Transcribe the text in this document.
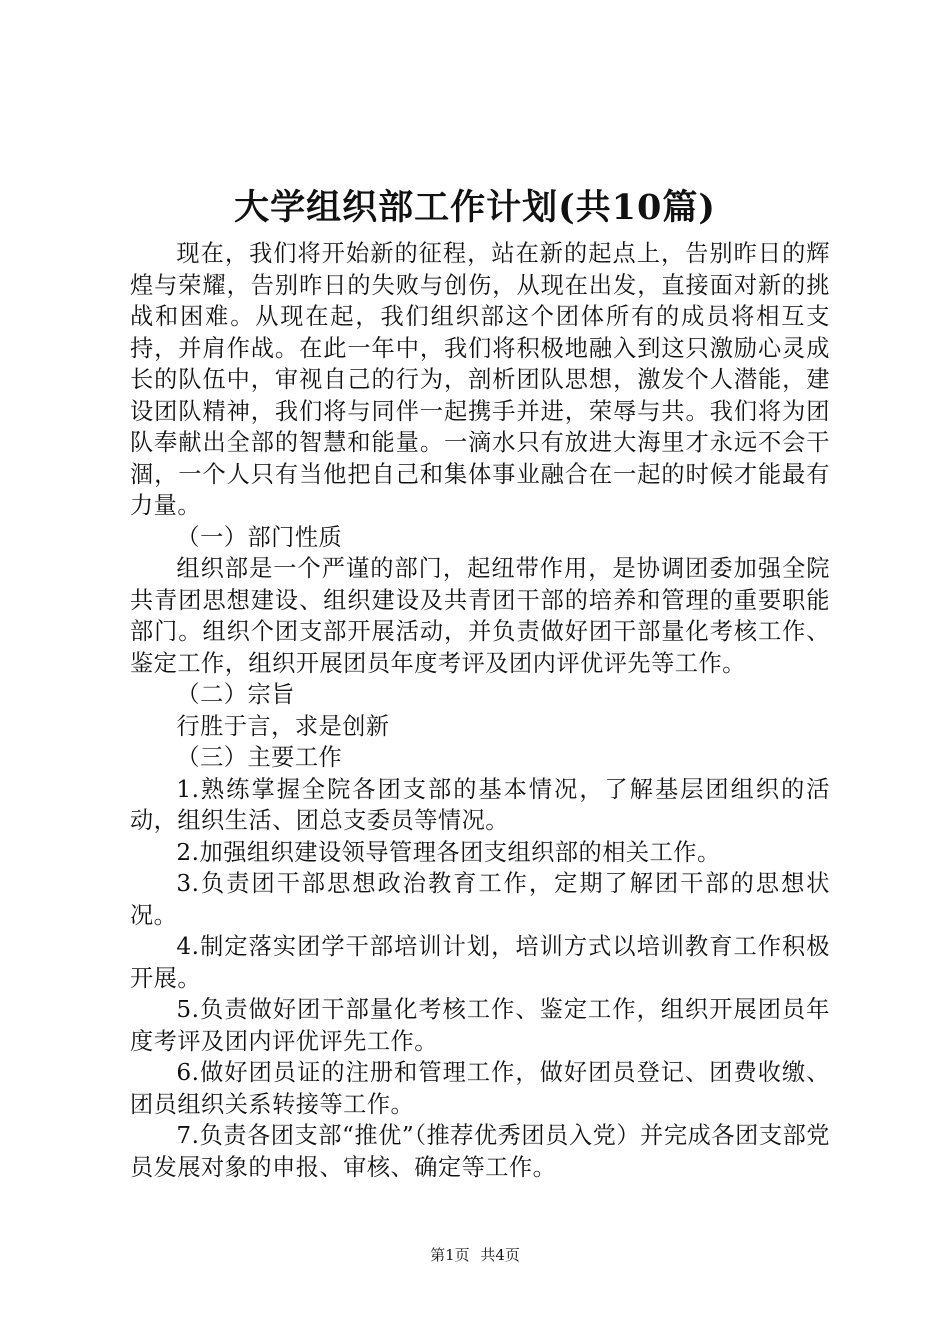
大学组织部工作计划(共10篇)

现在，我们将开始新的征程，站在新的起点上，告别昨日的辉煌与荣耀，告别昨日的失败与创伤，从现在出发，直接面对新的挑战和困难。从现在起，我们组织部这个团体所有的成员将相互支持，并肩作战。在此一年中，我们将积极地融入到这只激励心灵成长的队伍中，审视自己的行为，剖析团队思想，激发个人潜能，建设团队精神，我们将与同伴一起携手并进，荣辱与共。我们将为团队奉献出全部的智慧和能量。一滴水只有放进大海里才永远不会干涸，一个人只有当他把自己和集体事业融合在一起的时候才能最有力量。

（一）部门性质

组织部是一个严谨的部门，起纽带作用，是协调团委加强全院共青团思想建设、组织建设及共青团干部的培养和管理的重要职能部门。组织个团支部开展活动，并负责做好团干部量化考核工作、鉴定工作，组织开展团员年度考评及团内评优评先等工作。

（二）宗旨

行胜于言，求是创新

（三）主要工作

1.熟练掌握全院各团支部的基本情况，了解基层团组织的活动，组织生活、团总支委员等情况。

2.加强组织建设领导管理各团支组织部的相关工作。

3.负责团干部思想政治教育工作，定期了解团干部的思想状况。

4.制定落实团学干部培训计划，培训方式以培训教育工作积极开展。

5.负责做好团干部量化考核工作、鉴定工作，组织开展团员年度考评及团内评优评先工作。

6.做好团员证的注册和管理工作，做好团员登记、团费收缴、团员组织关系转接等工作。

7.负责各团支部“推优”（推荐优秀团员入党）并完成各团支部党员发展对象的申报、审核、确定等工作。

第1页 共4页
